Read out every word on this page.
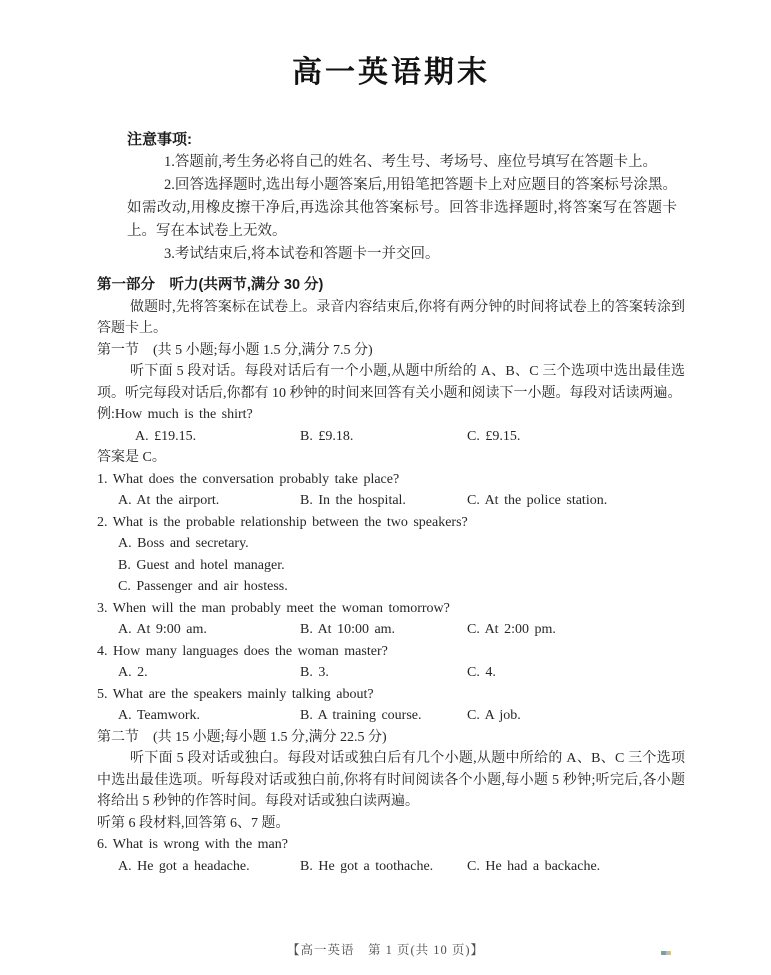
高一英语期末
注意事项:

1.答题前,考生务必将自己的姓名、考生号、考场号、座位号填写在答题卡上。

2.回答选择题时,选出每小题答案后,用铅笔把答题卡上对应题目的答案标号涂黑。如需改动,用橡皮擦干净后,再选涂其他答案标号。回答非选择题时,将答案写在答题卡上。写在本试卷上无效。

3.考试结束后,将本试卷和答题卡一并交回。

第一部分　听力(共两节,满分 30 分)

做题时,先将答案标在试卷上。录音内容结束后,你将有两分钟的时间将试卷上的答案转涂到答题卡上。

第一节　(共 5 小题;每小题 1.5 分,满分 7.5 分)

听下面 5 段对话。每段对话后有一个小题,从题中所给的 A、B、C 三个选项中选出最佳选项。听完每段对话后,你都有 10 秒钟的时间来回答有关小题和阅读下一小题。每段对话读两遍。

例:How much is the shirt?

A. £19.15.	B. £9.18.	C. £9.15.

答案是 C。

1. What does the conversation probably take place?

A. At the airport.	B. In the hospital.	C. At the police station.

2. What is the probable relationship between the two speakers?

A. Boss and secretary.

B. Guest and hotel manager.

C. Passenger and air hostess.

3. When will the man probably meet the woman tomorrow?

A. At 9:00 am.	B. At 10:00 am.	C. At 2:00 pm.

4. How many languages does the woman master?

A. 2.	B. 3.	C. 4.

5. What are the speakers mainly talking about?

A. Teamwork.	B. A training course.	C. A job.
第二节　(共 15 小题;每小题 1.5 分,满分 22.5 分)

听下面 5 段对话或独白。每段对话或独白后有几个小题,从题中所给的 A、B、C 三个选项中选出最佳选项。听每段对话或独白前,你将有时间阅读各个小题,每小题 5 秒钟;听完后,各小题将给出 5 秒钟的作答时间。每段对话或独白读两遍。

听第 6 段材料,回答第 6、7 题。

6. What is wrong with the man?

A. He got a headache.	B. He got a toothache.	C. He had a backache.
【高一英语　第 1 页(共 10 页)】
